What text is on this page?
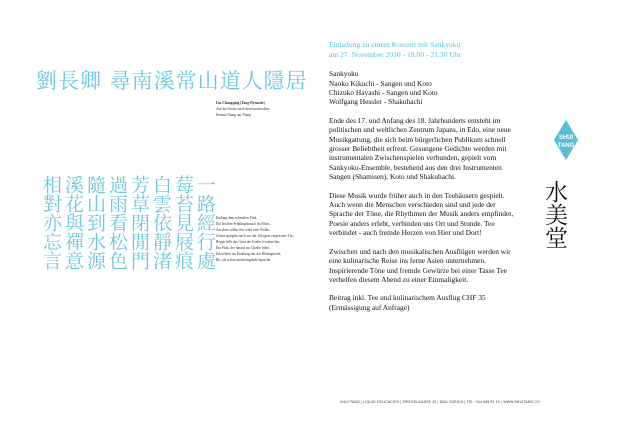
劉長卿 尋南溪常山道人隱居
一路經行處莓苔見屐痕白雲依靜渚芳草閉閒門過雨看松色隨山到水源溪花與禪意相對亦忘言
Liu Changqing (Tang-Dynastie)
Auf der Suche nach dem taoistischen
Eremit Chang am Nanqi
Entlang dem schmalen Pfad,
Ein leichter Frühlingshauch im Moos,
Am dem stillen See weht eine Wolke,
Schön spiegeln nach vor der Ufergras vergessene Tür;
Regen fällt das Grün der Kiefer leuchtet hin,
Ein Pfad, der hinauf zur Quelle führt,
Erleichtert im Einklang mit der Blütenpracht,
Bis ich schon umherliegende Sprache.
Einladung zu einem Konzert mit Sankyoku
am 27. November 2010 - 19.00 - 21.30 Uhr

Sankyoku
Naoko Kikuchi - Sangen und Koto
Chizuko Hayashi - Sangen und Koto
Wolfgang Hessler - Shakuhachi

Ende des 17. und Anfang des 18. Jahrhunderts entsteht im politischen und weltlichen Zentrum Japans, in Edo, eine neue Musikgattung, die sich beim bürgerlichen Publikum schnell grosser Beliebtheit erfreut. Gesungene Gedichte werden mit instrumentalen Zwischenspielen verbunden, gepielt vom Sankyoku-Ensemble, bestehend aus den drei Instrumenten Sangen (Shamisen), Koto und Shakuhachi.

Diese Musik wurde früher auch in den Teehäusern gespielt. Auch wenn die Menschen verschieden sind und jede der Sprache der Töne, die Rhythmen der Musik anders empfindet, Poesie anders erlebt, verbinden uns Ort und Stunde. Tee verbindet - auch fremde Herzen von Hier und Dort!

Zwischen und nach den musikalischen Ausflügen werden wir eine kulinarische Reise ins ferne Asien unternehmen. Inspirierende Töne und fremde Gewürze bei einer Tasse Tee verhelfen diesem Abend zu einer Einmaligkeit.

Beitrag inkl. Tee und kulinarischem Ausflug CHF 35
(Ermässigung auf Anfrage)

SHUI
TANG
水美堂
SHUI TANG | LIQUID DELICACIES | SPIEGELGASSE 26 | 8001 ZÜRICH | TEL. 044 555 81 10 | WWW.SHUITANG.CH
